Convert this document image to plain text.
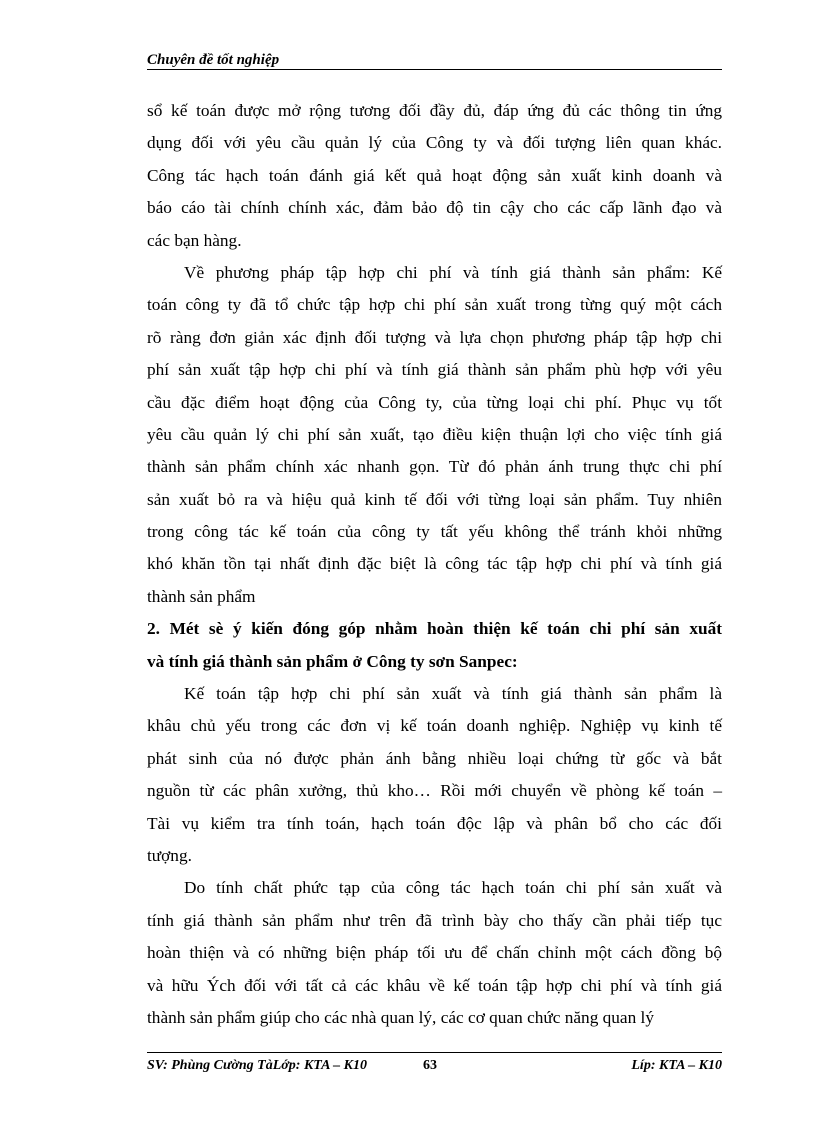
Chuyên đề tốt nghiệp
sổ kế toán được mở rộng tương đối đầy đủ, đáp ứng đủ các thông tin ứng
dụng đối với yêu cầu quản lý của Công ty và đối tượng liên quan khác.
Công tác hạch toán đánh giá kết quả hoạt động sản xuất kinh doanh và
báo cáo tài chính chính xác, đảm bảo độ tin cậy cho các cấp lãnh đạo và
các bạn hàng.
Về phương pháp tập hợp chi phí và tính giá thành sản phẩm: Kế
toán công ty đã tổ chức tập hợp chi phí sản xuất trong từng quý một cách
rõ ràng đơn giản xác định đối tượng và lựa chọn phương pháp tập hợp chi
phí sản xuất tập hợp chi phí và tính giá thành sản phẩm phù hợp với yêu
cầu đặc điểm hoạt động của Công ty, của từng loại chi phí. Phục vụ tốt
yêu cầu quản lý chi phí sản xuất, tạo điều kiện thuận lợi cho việc tính giá
thành sản phẩm chính xác nhanh gọn. Từ đó phản ánh trung thực chi phí
sản xuất bỏ ra và hiệu quả kinh tế đối với từng loại sản phẩm. Tuy nhiên
trong công tác kế toán của công ty tất yếu không thể tránh khỏi những
khó khăn tồn tại nhất định đặc biệt là công tác tập hợp chi phí và tính giá
thành sản phẩm
2. Mét sè ý kiến đóng góp nhằm hoàn thiện kế toán chi phí sản xuất
và tính giá thành sản phẩm ở Công ty sơn Sanpec:
Kế toán tập hợp chi phí sản xuất và tính giá thành sản phẩm là
khâu chủ yếu trong các đơn vị kế toán doanh nghiệp. Nghiệp vụ kinh tế
phát sinh của nó được phản ánh bằng nhiều loại chứng từ gốc và bắt
nguồn từ các phân xưởng, thủ kho… Rồi mới chuyển về phòng kế toán –
Tài vụ kiểm tra tính toán, hạch toán độc lập và phân bổ cho các đối
tượng.
Do tính chất phức tạp của công tác hạch toán chi phí sản xuất và
tính giá thành sản phẩm như trên đã trình bày cho thấy cần phải tiếp tục
hoàn thiện và có những biện pháp tối ưu để chấn chỉnh một cách đồng bộ
và hữu Ých đối với tất cả các khâu về kế toán tập hợp chi phí và tính giá
thành sản phẩm giúp cho các nhà quan lý, các cơ quan chức năng quan lý
SV: Phùng Cường TàLớp: KTA – K10	63	Líp: KTA – K10
